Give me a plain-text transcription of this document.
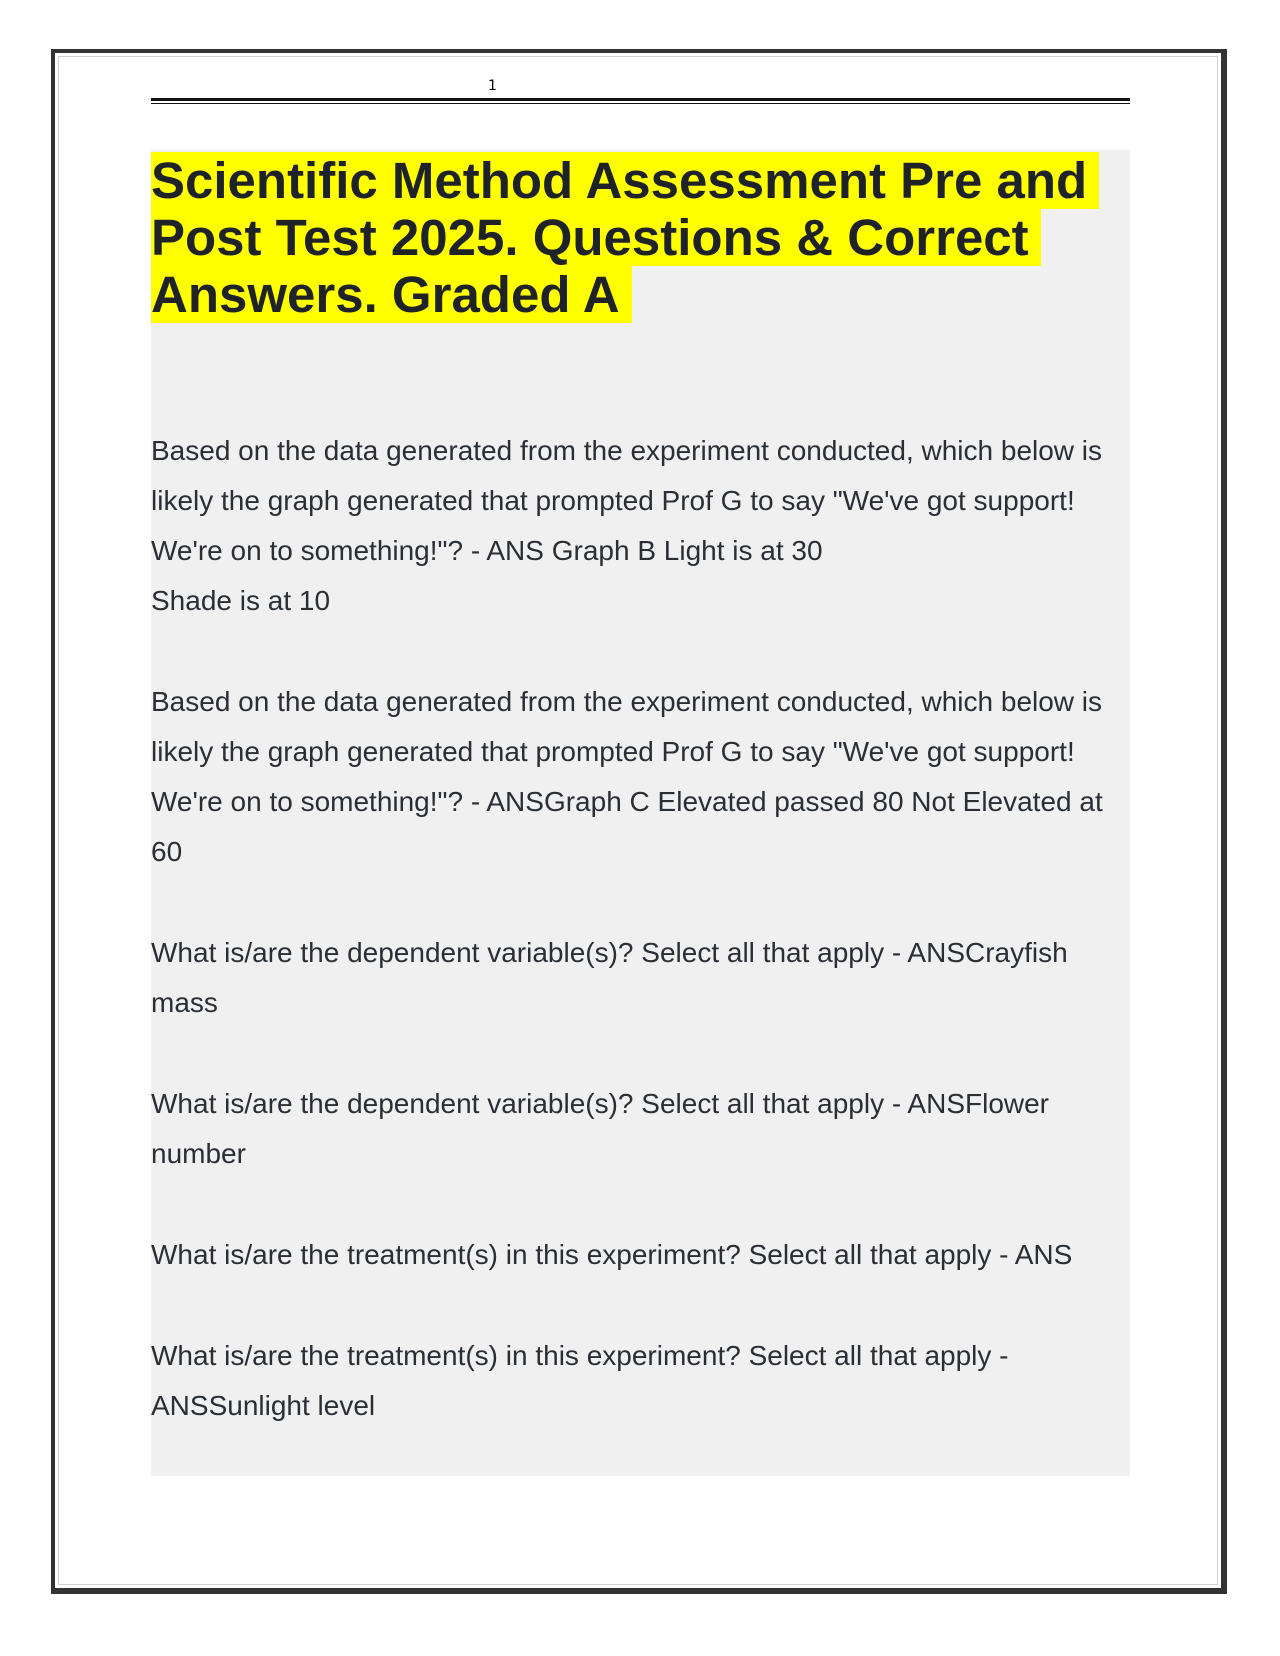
1
Scientific Method Assessment Pre and Post Test 2025. Questions & Correct Answers. Graded A

Based on the data generated from the experiment conducted, which below is likely the graph generated that prompted Prof G to say "We've got support! We're on to something!"? - ANS Graph B Light is at 30
Shade is at 10

Based on the data generated from the experiment conducted, which below is likely the graph generated that prompted Prof G to say "We've got support! We're on to something!"? - ANSGraph C Elevated passed 80 Not Elevated at 60

What is/are the dependent variable(s)? Select all that apply - ANSCrayfish mass

What is/are the dependent variable(s)? Select all that apply - ANSFlower number

What is/are the treatment(s) in this experiment? Select all that apply - ANS

What is/are the treatment(s) in this experiment? Select all that apply - ANSSunlight level
